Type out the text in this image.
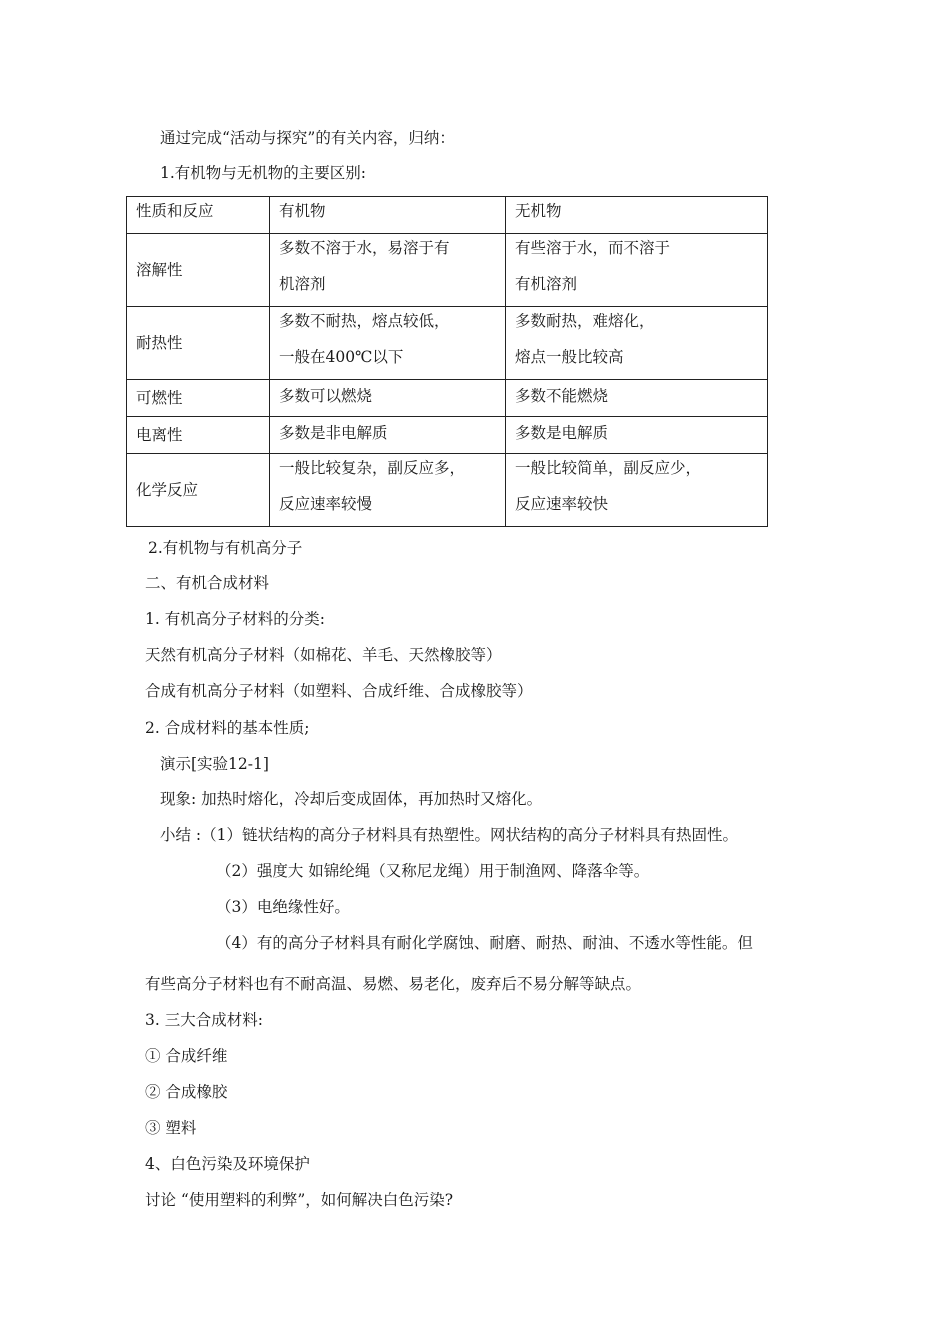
通过完成“活动与探究”的有关内容，归纳：
1.有机物与无机物的主要区别:
性质和反应	有机物	无机物

溶解性	多数不溶于水，易溶于有
机溶剂	有些溶于水，而不溶于
有机溶剂

耐热性	多数不耐热，熔点较低，
一般在400℃以下	多数耐热，难熔化，
熔点一般比较高

可燃性	多数可以燃烧	多数不能燃烧

电离性	多数是非电解质	多数是电解质

化学反应	一般比较复杂，副反应多，
反应速率较慢	一般比较简单，副反应少，
反应速率较快
2.有机物与有机高分子
二、有机合成材料
1. 有机高分子材料的分类:
天然有机高分子材料（如棉花、羊毛、天然橡胶等）
合成有机高分子材料（如塑料、合成纤维、合成橡胶等）
2. 合成材料的基本性质;
演示[实验12-1]
现象: 加热时熔化，冷却后变成固体，再加热时又熔化。
小结 :（1）链状结构的高分子材料具有热塑性。网状结构的高分子材料具有热固性。
（2）强度大 如锦纶绳（又称尼龙绳）用于制渔网、降落伞等。
（3）电绝缘性好。
（4）有的高分子材料具有耐化学腐蚀、耐磨、耐热、耐油、不透水等性能。但
有些高分子材料也有不耐高温、易燃、易老化，废弃后不易分解等缺点。
3. 三大合成材料:
① 合成纤维
② 合成橡胶
③ 塑料
4、白色污染及环境保护
讨论 “使用塑料的利弊”，如何解决白色污染?
